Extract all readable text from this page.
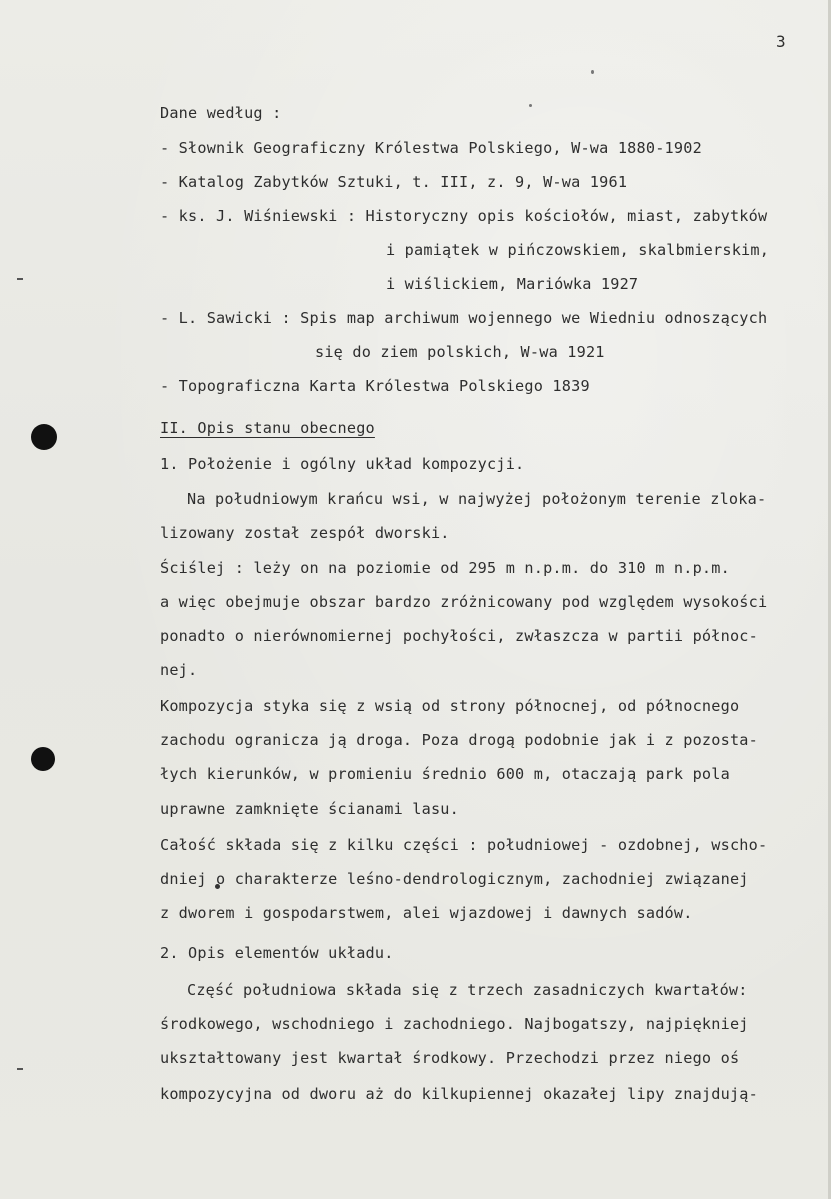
3
Dane według :
- Słownik Geograficzny Królestwa Polskiego, W-wa 1880-1902
- Katalog Zabytków Sztuki, t. III, z. 9, W-wa 1961
- ks. J. Wiśniewski : Historyczny opis kościołów, miast, zabytków
i pamiątek w pińczowskiem, skalbmierskim,
i wiślickiem, Mariówka 1927
- L. Sawicki : Spis map archiwum wojennego we Wiedniu odnoszących
się do ziem polskich, W-wa 1921
- Topograficzna Karta Królestwa Polskiego 1839
II. Opis stanu obecnego
1. Położenie i ogólny układ kompozycji.
Na południowym krańcu wsi, w najwyżej położonym terenie zloka-
lizowany został zespół dworski.
Ściślej : leży on na poziomie od 295 m n.p.m. do 310 m n.p.m.
a więc obejmuje obszar bardzo zróżnicowany pod względem wysokości
ponadto o nierównomiernej pochyłości, zwłaszcza w partii północ-
nej.
Kompozycja styka się z wsią od strony północnej, od północnego
zachodu ogranicza ją droga. Poza drogą podobnie jak i z pozosta-
łych kierunków, w promieniu średnio 600 m, otaczają park pola
uprawne zamknięte ścianami lasu.
Całość składa się z kilku części : południowej - ozdobnej, wscho-
dniej o charakterze leśno-dendrologicznym, zachodniej związanej
z dworem i gospodarstwem, alei wjazdowej i dawnych sadów.
2. Opis elementów układu.
Część południowa składa się z trzech zasadniczych kwartałów:
środkowego, wschodniego i zachodniego. Najbogatszy, najpiękniej
ukształtowany jest kwartał środkowy. Przechodzi przez niego oś
kompozycyjna od dworu aż do kilkupiennej okazałej lipy znajdują-
